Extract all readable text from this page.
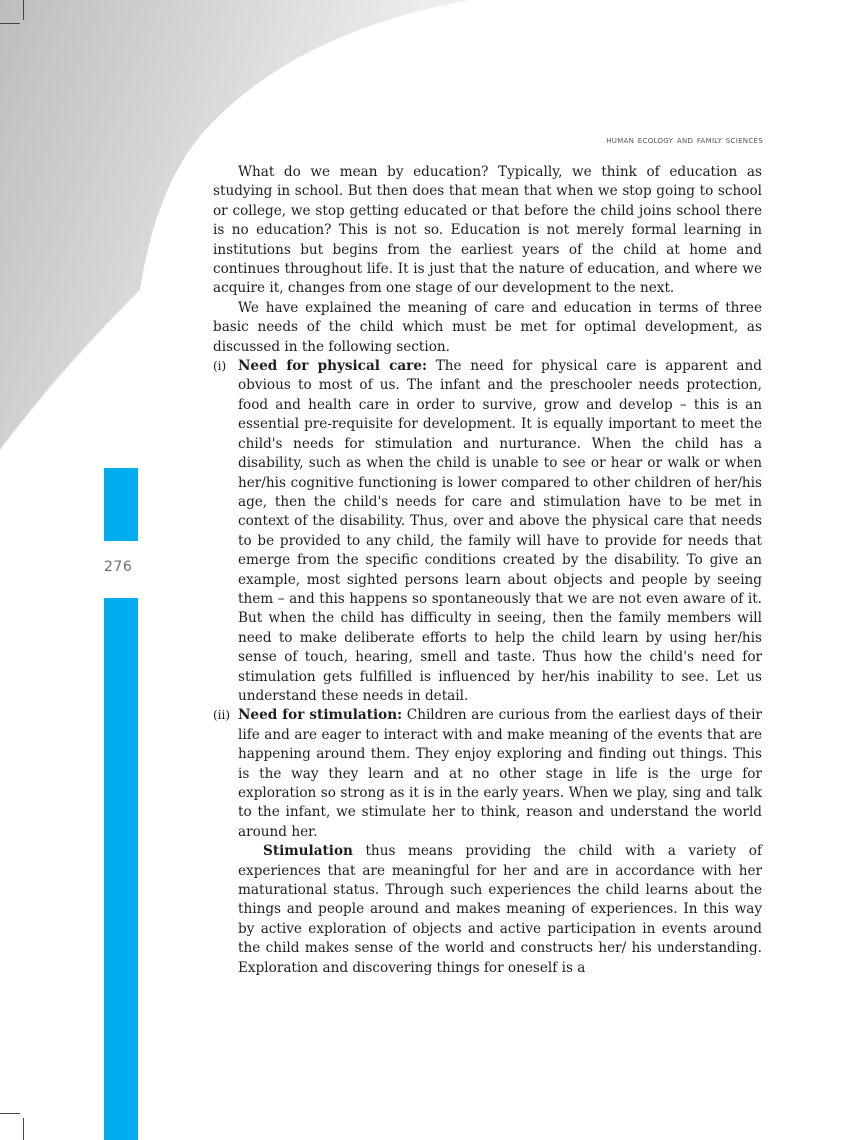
276
human ecology and family sciences

What do we mean by education? Typically, we think of education as studying in school. But then does that mean that when we stop going to school or college, we stop getting educated or that before the child joins school there is no education? This is not so. Education is not merely formal learning in institutions but begins from the earliest years of the child at home and continues throughout life. It is just that the nature of education, and where we acquire it, changes from one stage of our development to the next.

We have explained the meaning of care and education in terms of three basic needs of the child which must be met for optimal development, as discussed in the following section.

(i) Need for physical care: The need for physical care is apparent and obvious to most of us. The infant and the preschooler needs protection, food and health care in order to survive, grow and develop – this is an essential pre-requisite for development. It is equally important to meet the child's needs for stimulation and nurturance. When the child has a disability, such as when the child is unable to see or hear or walk or when her/his cognitive functioning is lower compared to other children of her/his age, then the child's needs for care and stimulation have to be met in context of the disability. Thus, over and above the physical care that needs to be provided to any child, the family will have to provide for needs that emerge from the specific conditions created by the disability. To give an example, most sighted persons learn about objects and people by seeing them – and this happens so spontaneously that we are not even aware of it. But when the child has difficulty in seeing, then the family members will need to make deliberate efforts to help the child learn by using her/his sense of touch, hearing, smell and taste. Thus how the child's need for stimulation gets fulfilled is influenced by her/his inability to see. Let us understand these needs in detail.

(ii) Need for stimulation: Children are curious from the earliest days of their life and are eager to interact with and make meaning of the events that are happening around them. They enjoy exploring and finding out things. This is the way they learn and at no other stage in life is the urge for exploration so strong as it is in the early years. When we play, sing and talk to the infant, we stimulate her to think, reason and understand the world around her.

Stimulation thus means providing the child with a variety of experiences that are meaningful for her and are in accordance with her maturational status. Through such experiences the child learns about the things and people around and makes meaning of experiences. In this way by active exploration of objects and active participation in events around the child makes sense of the world and constructs her/ his understanding. Exploration and discovering things for oneself is a
